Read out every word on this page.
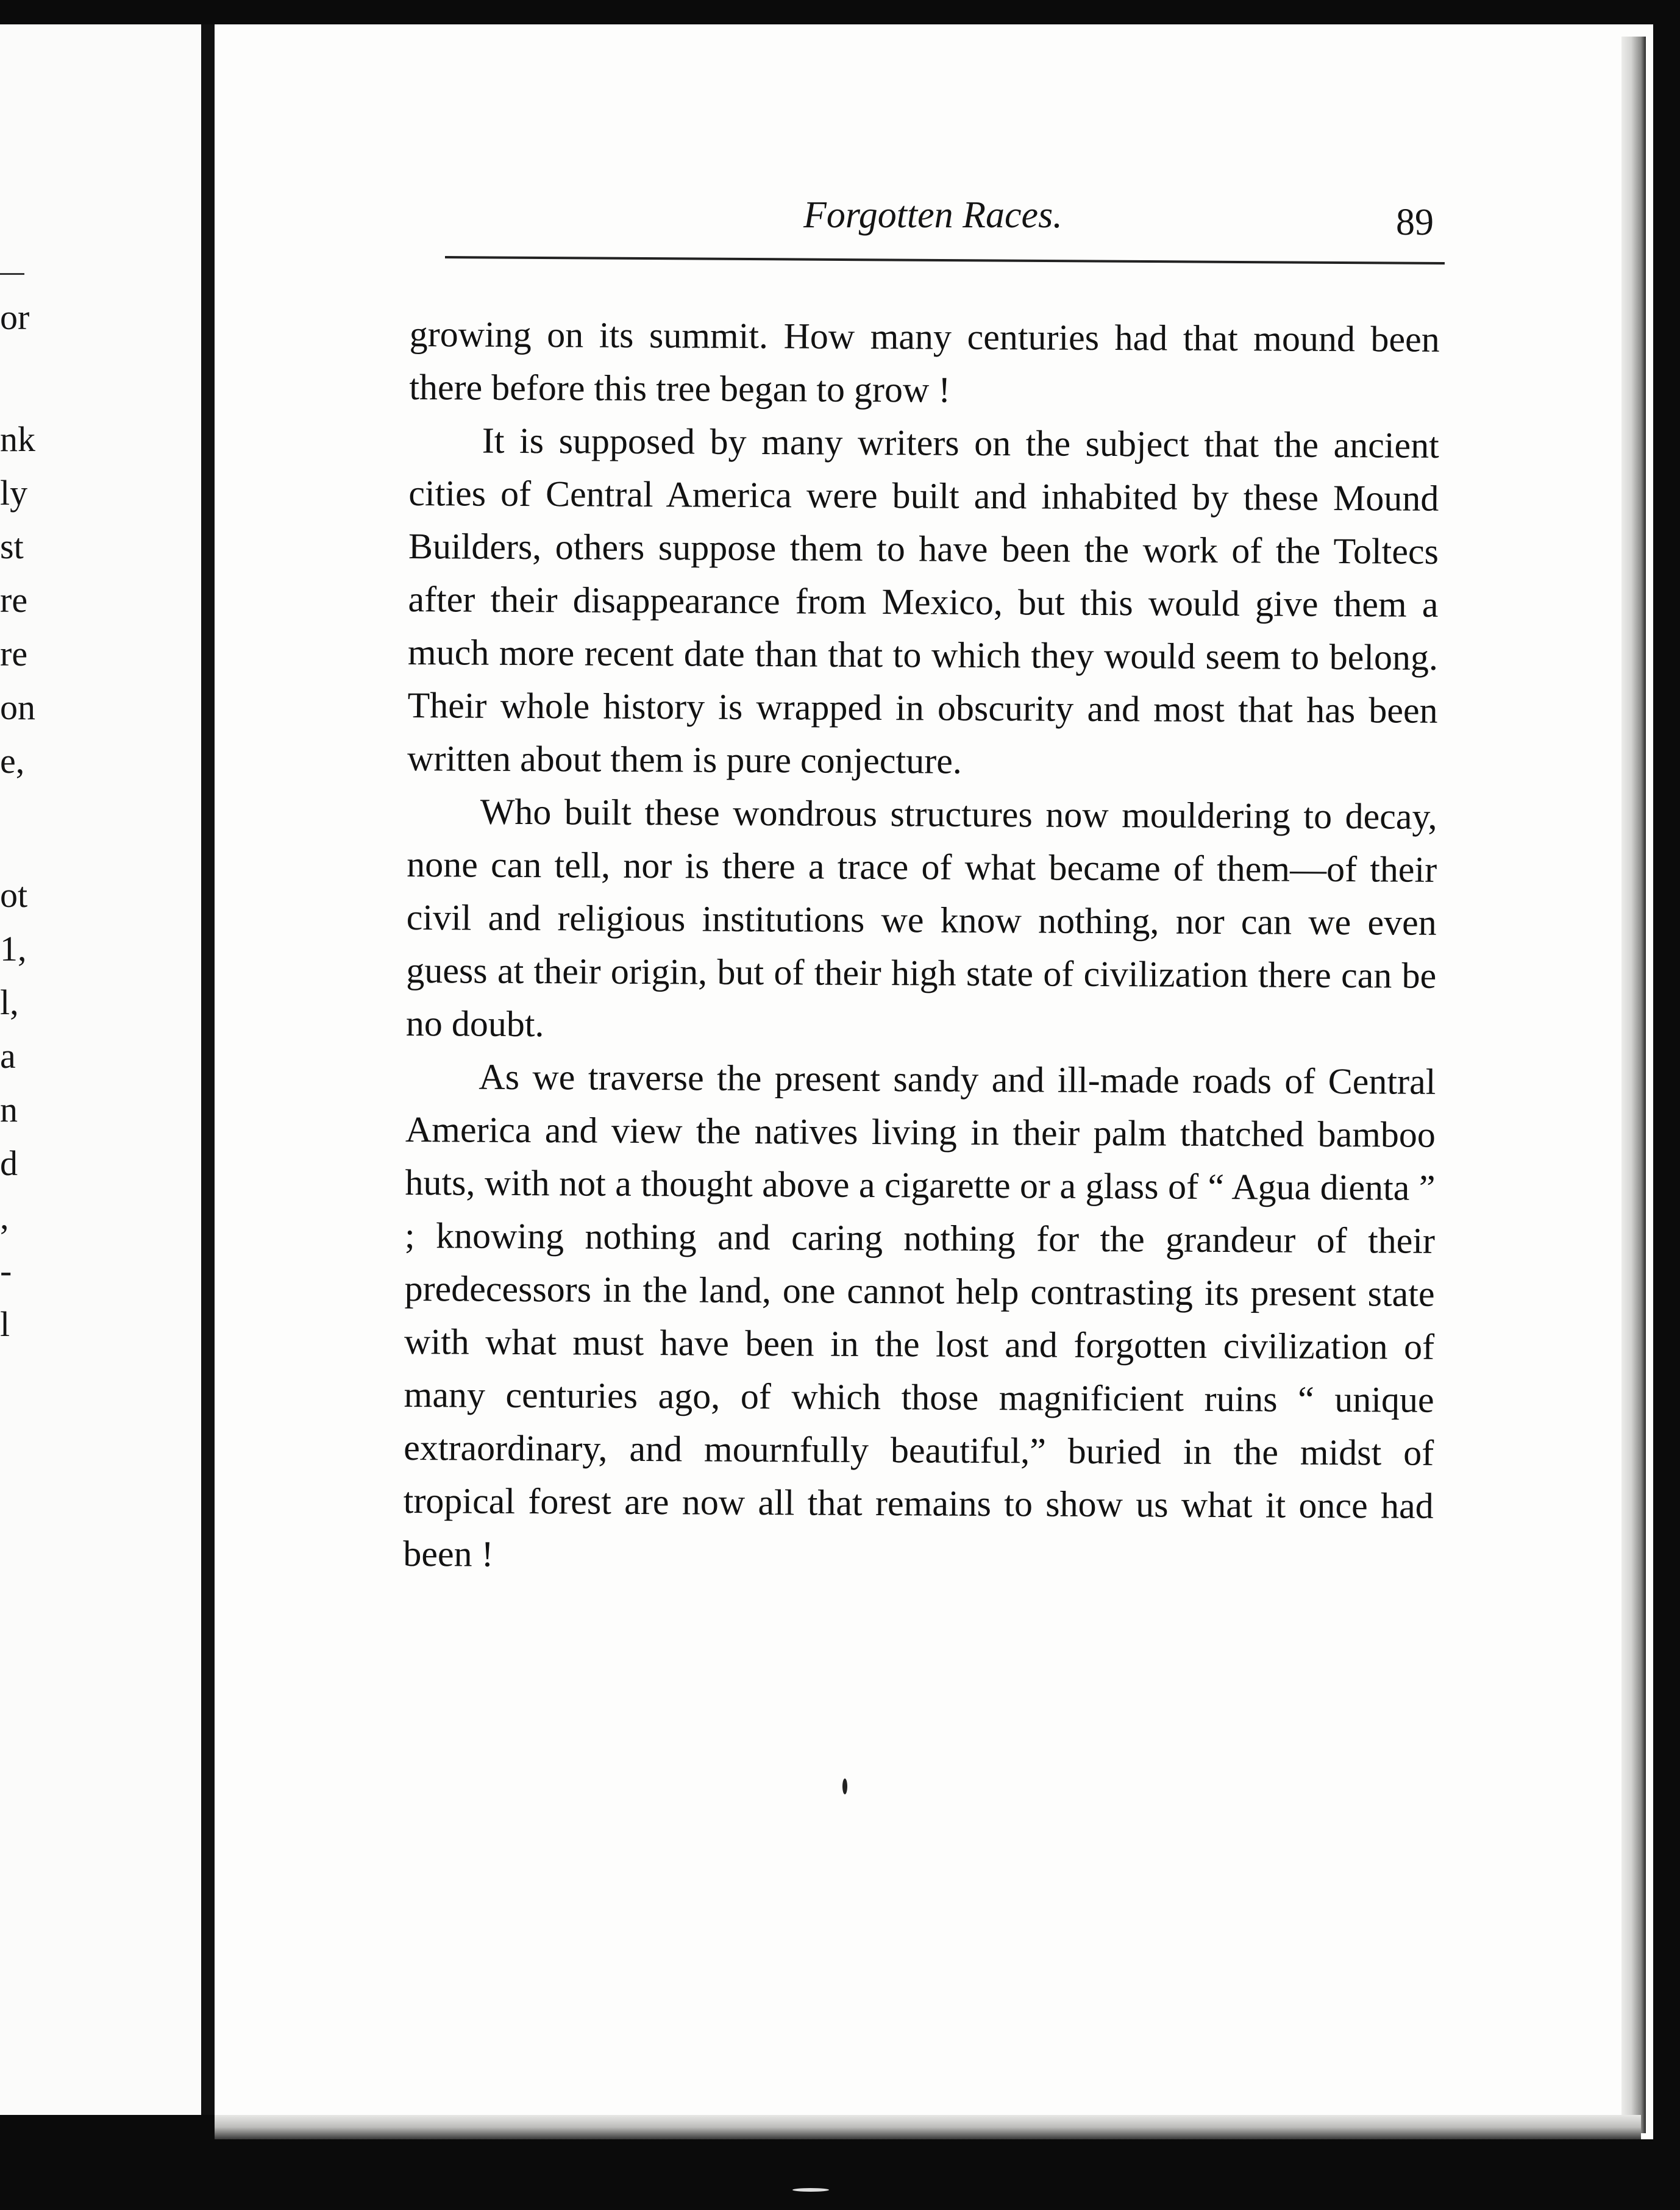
or
nk
ly
st
re
re
on
e,
ot
1,
l,
a
n
d
,
-
l
Forgotten Races.	89

growing on its summit. How many centuries had that mound been there before this tree began to grow !

It is supposed by many writers on the subject that the ancient cities of Central America were built and inhabited by these Mound Builders, others suppose them to have been the work of the Toltecs after their disappearance from Mexico, but this would give them a much more recent date than that to which they would seem to belong. Their whole history is wrapped in obscurity and most that has been written about them is pure conjecture.

Who built these wondrous structures now mouldering to decay, none can tell, nor is there a trace of what became of them—of their civil and religious institutions we know nothing, nor can we even guess at their origin, but of their high state of civilization there can be no doubt.

As we traverse the present sandy and ill-made roads of Central America and view the natives living in their palm thatched bamboo huts, with not a thought above a cigarette or a glass of “ Agua dienta ” ; knowing nothing and caring nothing for the grandeur of their predecessors in the land, one cannot help contrasting its present state with what must have been in the lost and forgotten civilization of many centuries ago, of which those magnificient ruins “ unique extraordinary, and mournfully beautiful,” buried in the midst of tropical forest are now all that remains to show us what it once had been !
